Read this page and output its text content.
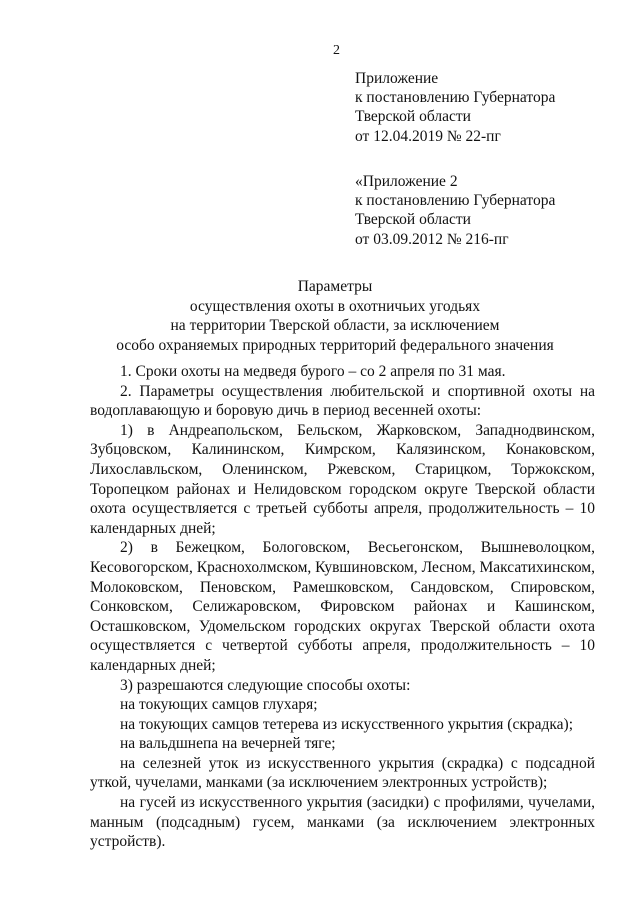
2
Приложение
к постановлению Губернатора
Тверской области
от 12.04.2019 № 22-пг
«Приложение 2
к постановлению Губернатора
Тверской области
от 03.09.2012 № 216-пг
Параметры
осуществления охоты в охотничьих угодьях
на территории Тверской области, за исключением
особо охраняемых природных территорий федерального значения

1. Сроки охоты на медведя бурого – со 2 апреля по 31 мая.

2. Параметры осуществления любительской и спортивной охоты на водоплавающую и боровую дичь в период весенней охоты:

1) в Андреапольском, Бельском, Жарковском, Западнодвинском, Зубцовском, Калининском, Кимрском, Калязинском, Конаковском, Лихославльском, Оленинском, Ржевском, Старицком, Торжокском, Торопецком районах и Нелидовском городском округе Тверской области охота осуществляется с третьей субботы апреля, продолжительность – 10 календарных дней;

2) в Бежецком, Бологовском, Весьегонском, Вышневолоцком, Кесовогорском, Краснохолмском, Кувшиновском, Лесном, Максатихинском, Молоковском, Пеновском, Рамешковском, Сандовском, Спировском, Сонковском, Селижаровском, Фировском районах и Кашинском, Осташковском, Удомельском городских округах Тверской области охота осуществляется с четвертой субботы апреля, продолжительность – 10 календарных дней;

3) разрешаются следующие способы охоты:

на токующих самцов глухаря;

на токующих самцов тетерева из искусственного укрытия (скрадка);

на вальдшнепа на вечерней тяге;

на селезней уток из искусственного укрытия (скрадка) с подсадной уткой, чучелами, манками (за исключением электронных устройств);

на гусей из искусственного укрытия (засидки) с профилями, чучелами, манным (подсадным) гусем, манками (за исключением электронных устройств).
